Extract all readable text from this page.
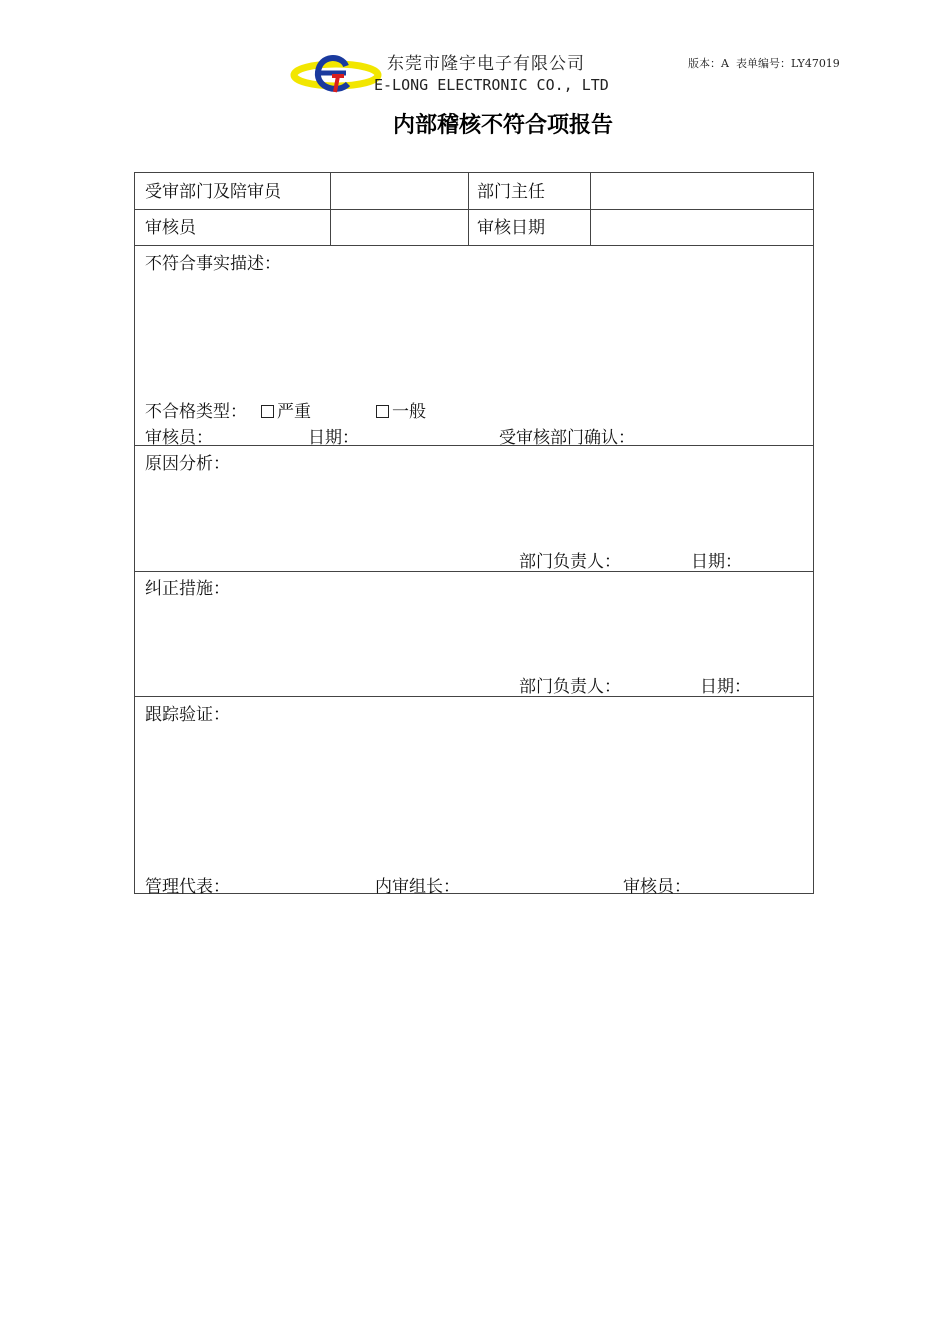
东莞市隆宇电子有限公司
E-LONG ELECTRONIC CO., LTD
版本：A 表单编号：LY47019
内部稽核不符合项报告
受审部门及陪审员	部门主任
审核员	审核日期
不符合事实描述：
不合格类型：	严重	一般
审核员：	日期：	受审核部门确认：
原因分析：
部门负责人：	日期：
纠正措施：
部门负责人：	日期：
跟踪验证：
管理代表：	内审组长：	审核员：
